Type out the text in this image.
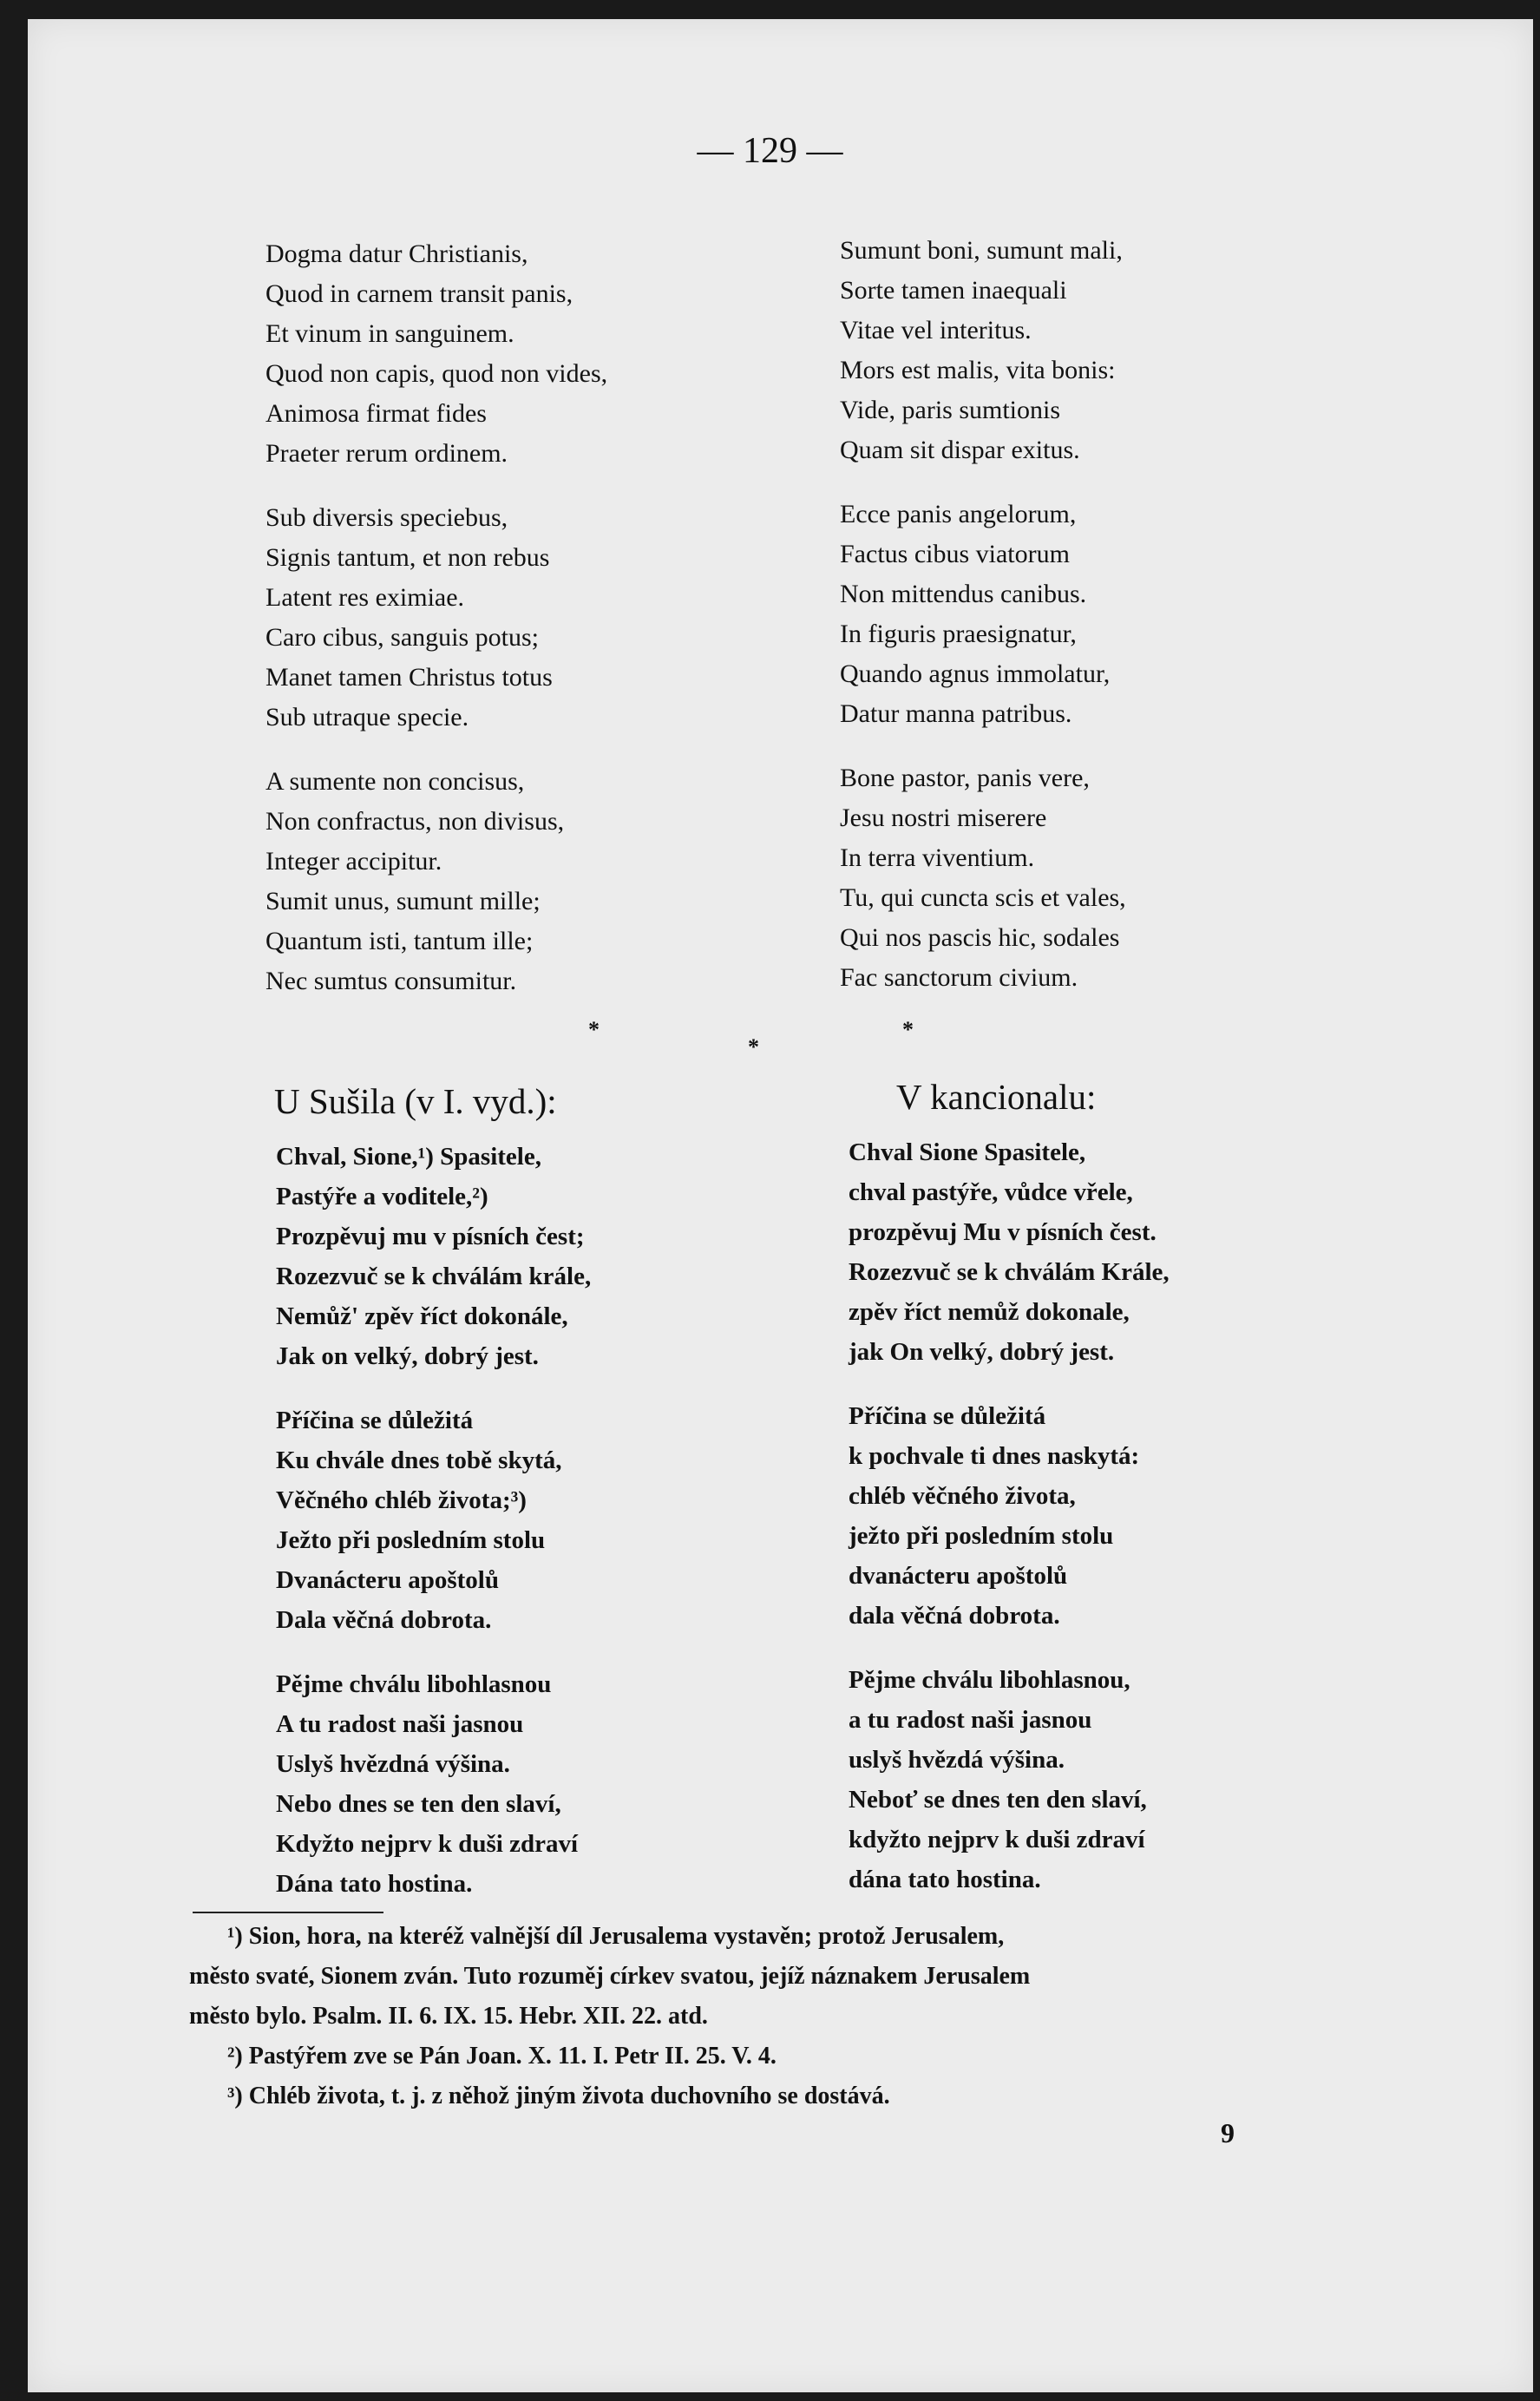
— 129 —
Dogma datur Christianis,
Quod in carnem transit panis,
Et vinum in sanguinem.
Quod non capis, quod non vides,
Animosa firmat fides
Praeter rerum ordinem.
Sub diversis speciebus,
Signis tantum, et non rebus
Latent res eximiae.
Caro cibus, sanguis potus;
Manet tamen Christus totus
Sub utraque specie.
A sumente non concisus,
Non confractus, non divisus,
Integer accipitur.
Sumit unus, sumunt mille;
Quantum isti, tantum ille;
Nec sumtus consumitur.
Sumunt boni, sumunt mali,
Sorte tamen inaequali
Vitae vel interitus.
Mors est malis, vita bonis:
Vide, paris sumtionis
Quam sit dispar exitus.
Ecce panis angelorum,
Factus cibus viatorum
Non mittendus canibus.
In figuris praesignatur,
Quando agnus immolatur,
Datur manna patribus.
Bone pastor, panis vere,
Jesu nostri miserere
In terra viventium.
Tu, qui cuncta scis et vales,
Qui nos pascis hic, sodales
Fac sanctorum civium.
*
*
*
U Sušila (v I. vyd.):	V kancionalu:
Chval, Sione,¹) Spasitele,
Pastýře a voditele,²)
Prozpěvuj mu v písních čest;
Rozezvuč se k chválám krále,
Nemůž' zpěv říct dokonále,
Jak on velký, dobrý jest.
Příčina se důležitá
Ku chvále dnes tobě skytá,
Věčného chléb života;³)
Ježto při posledním stolu
Dvanácteru apoštolů
Dala věčná dobrota.
Pějme chválu libohlasnou
A tu radost naši jasnou
Uslyš hvězdná výšina.
Nebo dnes se ten den slaví,
Kdyžto nejprv k duši zdraví
Dána tato hostina.
Chval Sione Spasitele,
chval pastýře, vůdce vřele,
prozpěvuj Mu v písních čest.
Rozezvuč se k chválám Krále,
zpěv říct nemůž dokonale,
jak On velký, dobrý jest.
Příčina se důležitá
k pochvale ti dnes naskytá:
chléb věčného života,
ježto při posledním stolu
dvanácteru apoštolů
dala věčná dobrota.
Pějme chválu libohlasnou,
a tu radost naši jasnou
uslyš hvězdá výšina.
Neboť se dnes ten den slaví,
kdyžto nejprv k duši zdraví
dána tato hostina.
¹) Sion, hora, na kteréž valnější díl Jerusalema vystavěn; protož Jerusalem,
město svaté, Sionem zván. Tuto rozuměj církev svatou, jejíž náznakem Jerusalem
město bylo. Psalm. II. 6. IX. 15. Hebr. XII. 22. atd.
²) Pastýřem zve se Pán Joan. X. 11. I. Petr II. 25. V. 4.
³) Chléb života, t. j. z něhož jiným života duchovního se dostává.
9
